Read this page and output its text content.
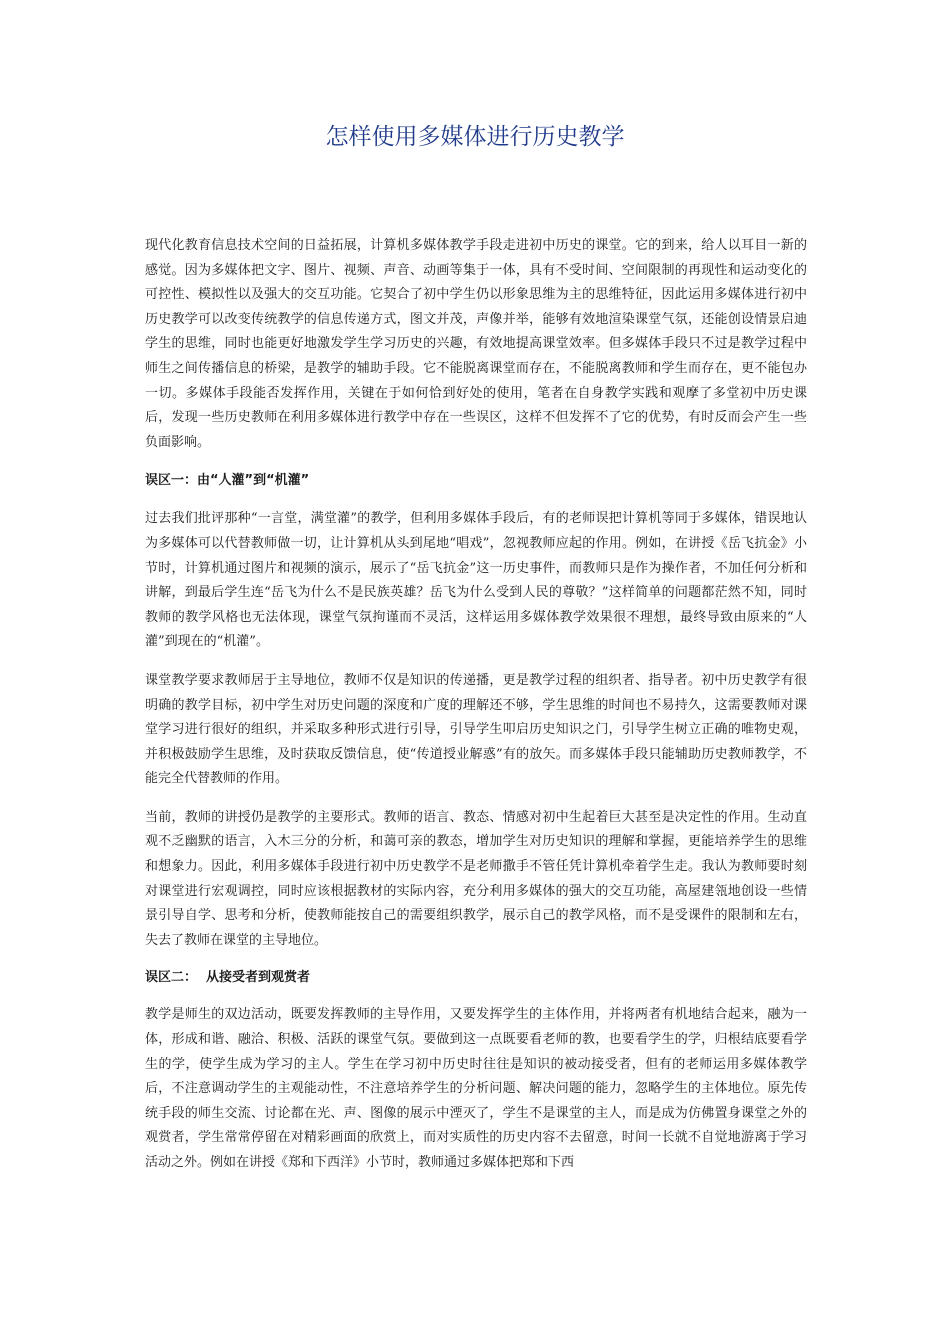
怎样使用多媒体进行历史教学

现代化教育信息技术空间的日益拓展，计算机多媒体教学手段走进初中历史的课堂。它的到来，给人以耳目一新的感觉。因为多媒体把文字、图片、视频、声音、动画等集于一体，具有不受时间、空间限制的再现性和运动变化的可控性、模拟性以及强大的交互功能。它契合了初中学生仍以形象思维为主的思维特征，因此运用多媒体进行初中历史教学可以改变传统教学的信息传递方式，图文并茂，声像并举，能够有效地渲染课堂气氛，还能创设情景启迪学生的思维，同时也能更好地激发学生学习历史的兴趣，有效地提高课堂效率。但多媒体手段只不过是教学过程中师生之间传播信息的桥梁，是教学的辅助手段。它不能脱离课堂而存在，不能脱离教师和学生而存在，更不能包办一切。多媒体手段能否发挥作用，关键在于如何恰到好处的使用，笔者在自身教学实践和观摩了多堂初中历史课后，发现一些历史教师在利用多媒体进行教学中存在一些误区，这样不但发挥不了它的优势，有时反而会产生一些负面影响。

误区一：由“人灌”到“机灌”

过去我们批评那种“一言堂，满堂灌”的教学，但利用多媒体手段后，有的老师误把计算机等同于多媒体，错误地认为多媒体可以代替教师做一切，让计算机从头到尾地“唱戏”，忽视教师应起的作用。例如，在讲授《岳飞抗金》小节时，计算机通过图片和视频的演示，展示了“岳飞抗金”这一历史事件，而教师只是作为操作者，不加任何分析和讲解，到最后学生连“岳飞为什么不是民族英雄？岳飞为什么受到人民的尊敬？”这样简单的问题都茫然不知，同时教师的教学风格也无法体现，课堂气氛拘谨而不灵活，这样运用多媒体教学效果很不理想，最终导致由原来的“人灌”到现在的“机灌”。

课堂教学要求教师居于主导地位，教师不仅是知识的传递播，更是教学过程的组织者、指导者。初中历史教学有很明确的教学目标，初中学生对历史问题的深度和广度的理解还不够，学生思维的时间也不易持久，这需要教师对课堂学习进行很好的组织，并采取多种形式进行引导，引导学生叩启历史知识之门，引导学生树立正确的唯物史观，并积极鼓励学生思维，及时获取反馈信息，使“传道授业解惑”有的放矢。而多媒体手段只能辅助历史教师教学，不能完全代替教师的作用。

当前，教师的讲授仍是教学的主要形式。教师的语言、教态、情感对初中生起着巨大甚至是决定性的作用。生动直观不乏幽默的语言，入木三分的分析，和蔼可亲的教态，增加学生对历史知识的理解和掌握，更能培养学生的思维和想象力。因此，利用多媒体手段进行初中历史教学不是老师撒手不管任凭计算机牵着学生走。我认为教师要时刻对课堂进行宏观调控，同时应该根据教材的实际内容，充分利用多媒体的强大的交互功能，高屋建瓴地创设一些情景引导自学、思考和分析，使教师能按自己的需要组织教学，展示自己的教学风格，而不是受课件的限制和左右，失去了教师在课堂的主导地位。

误区二：  从接受者到观赏者

教学是师生的双边活动，既要发挥教师的主导作用，又要发挥学生的主体作用，并将两者有机地结合起来，融为一体，形成和谐、融洽、积极、活跃的课堂气氛。要做到这一点既要看老师的教，也要看学生的学，归根结底要看学生的学，使学生成为学习的主人。学生在学习初中历史时往往是知识的被动接受者，但有的老师运用多媒体教学后，不注意调动学生的主观能动性，不注意培养学生的分析问题、解决问题的能力，忽略学生的主体地位。原先传统手段的师生交流、讨论都在光、声、图像的展示中湮灭了，学生不是课堂的主人，而是成为仿佛置身课堂之外的观赏者，学生常常停留在对精彩画面的欣赏上，而对实质性的历史内容不去留意，时间一长就不自觉地游离于学习活动之外。例如在讲授《郑和下西洋》小节时，教师通过多媒体把郑和下西
